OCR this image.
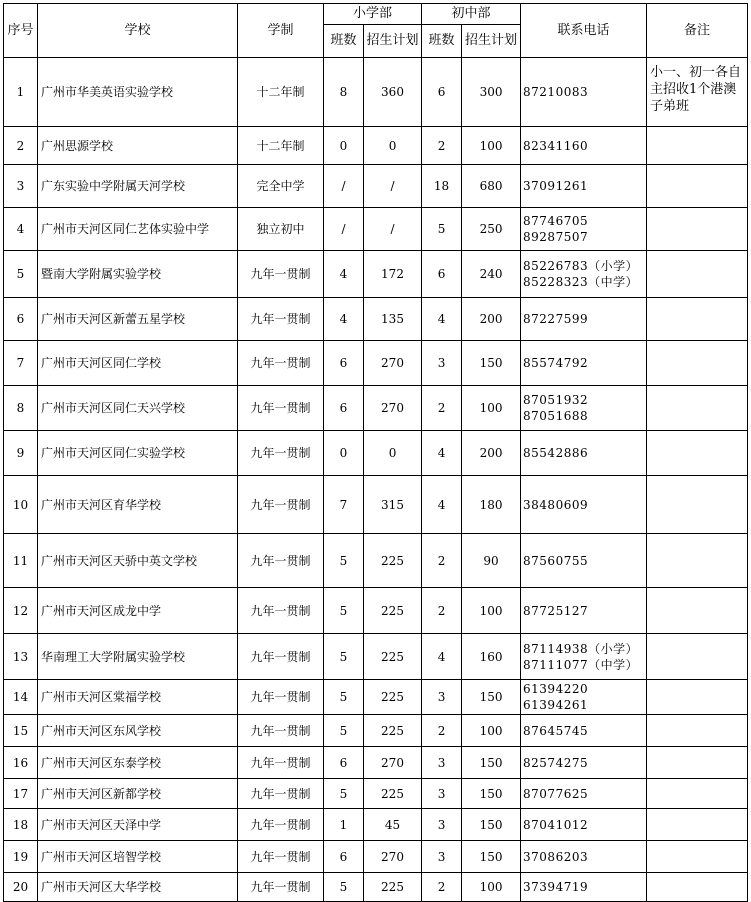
序号	学校	学制	小学部		初中部		联系电话	备注
			班数	招生计划	班数	招生计划		

1	广州市华美英语实验学校	十二年制	8	360	6	300	87210083	小一、初一各自主招收1个港澳子弟班

2	广州思源学校	十二年制	0	0	2	100	82341160	

3	广东实验中学附属天河学校	完全中学	/	/	18	680	37091261	

4	广州市天河区同仁艺体实验中学	独立初中	/	/	5	250	87746705
89287507	

5	暨南大学附属实验学校	九年一贯制	4	172	6	240	85226783（小学）
85228323（中学）	

6	广州市天河区新蕾五星学校	九年一贯制	4	135	4	200	87227599	

7	广州市天河区同仁学校	九年一贯制	6	270	3	150	85574792	

8	广州市天河区同仁天兴学校	九年一贯制	6	270	2	100	87051932
87051688	

9	广州市天河区同仁实验学校	九年一贯制	0	0	4	200	85542886	

10	广州市天河区育华学校	九年一贯制	7	315	4	180	38480609	

11	广州市天河区天骄中英文学校	九年一贯制	5	225	2	90	87560755	

12	广州市天河区成龙中学	九年一贯制	5	225	2	100	87725127	

13	华南理工大学附属实验学校	九年一贯制	5	225	4	160	87114938（小学）
87111077（中学）	

14	广州市天河区棠福学校	九年一贯制	5	225	3	150	61394220
61394261	

15	广州市天河区东风学校	九年一贯制	5	225	2	100	87645745	

16	广州市天河区东泰学校	九年一贯制	6	270	3	150	82574275	

17	广州市天河区新都学校	九年一贯制	5	225	3	150	87077625	

18	广州市天河区天泽中学	九年一贯制	1	45	3	150	87041012	

19	广州市天河区培智学校	九年一贯制	6	270	3	150	37086203	

20	广州市天河区大华学校	九年一贯制	5	225	2	100	37394719	
